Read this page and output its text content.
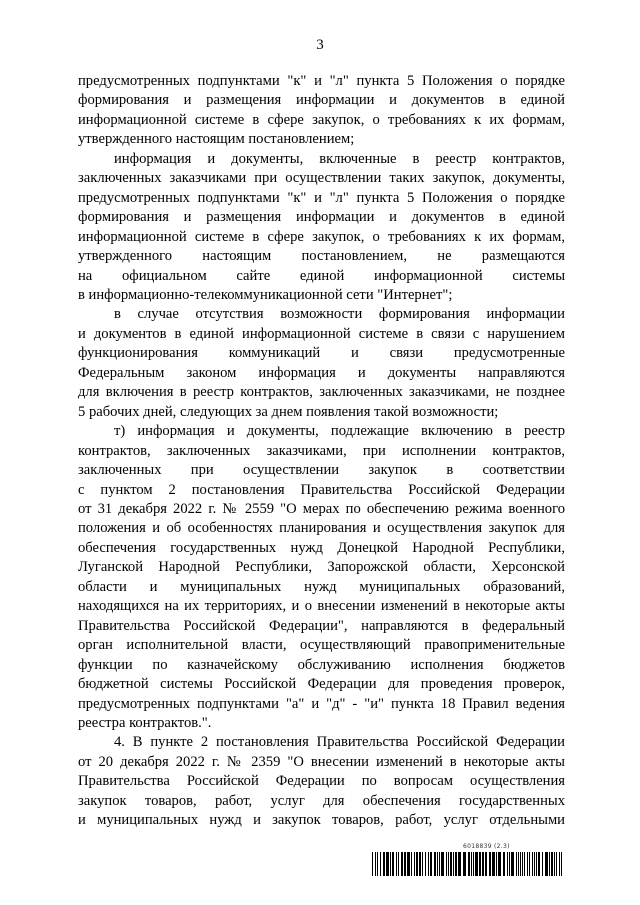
3

предусмотренных подпунктами "к" и "л" пункта 5 Положения о порядке

формирования и размещения информации и документов в единой

информационной системе в сфере закупок, о требованиях к их формам,

утвержденного настоящим постановлением;

информация и документы, включенные в реестр контрактов,

заключенных заказчиками при осуществлении таких закупок, документы,

предусмотренных подпунктами "к" и "л" пункта 5 Положения о порядке

формирования и размещения информации и документов в единой

информационной системе в сфере закупок, о требованиях к их формам,

утвержденного настоящим постановлением, не размещаются

на официальном сайте единой информационной системы

в информационно-телекоммуникационной сети "Интернет";

в случае отсутствия возможности формирования информации

и документов в единой информационной системе в связи с нарушением

функционирования коммуникаций и связи предусмотренные

Федеральным законом информация и документы направляются

для включения в реестр контрактов, заключенных заказчиками, не позднее

5 рабочих дней, следующих за днем появления такой возможности;

т) информация и документы, подлежащие включению в реестр

контрактов, заключенных заказчиками, при исполнении контрактов,

заключенных при осуществлении закупок в соответствии

с пунктом 2 постановления Правительства Российской Федерации

от 31 декабря 2022 г. № 2559 "О мерах по обеспечению режима военного

положения и об особенностях планирования и осуществления закупок для

обеспечения государственных нужд Донецкой Народной Республики,

Луганской Народной Республики, Запорожской области, Херсонской

области и муниципальных нужд муниципальных образований,

находящихся на их территориях, и о внесении изменений в некоторые акты

Правительства Российской Федерации", направляются в федеральный

орган исполнительной власти, осуществляющий правоприменительные

функции по казначейскому обслуживанию исполнения бюджетов

бюджетной системы Российской Федерации для проведения проверок,

предусмотренных подпунктами "а" и "д" - "и" пункта 18 Правил ведения

реестра контрактов.".

4. В пункте 2 постановления Правительства Российской Федерации

от 20 декабря 2022 г. № 2359 "О внесении изменений в некоторые акты

Правительства Российской Федерации по вопросам осуществления

закупок товаров, работ, услуг для обеспечения государственных

и муниципальных нужд и закупок товаров, работ, услуг отдельными

6018839 (2.3)
